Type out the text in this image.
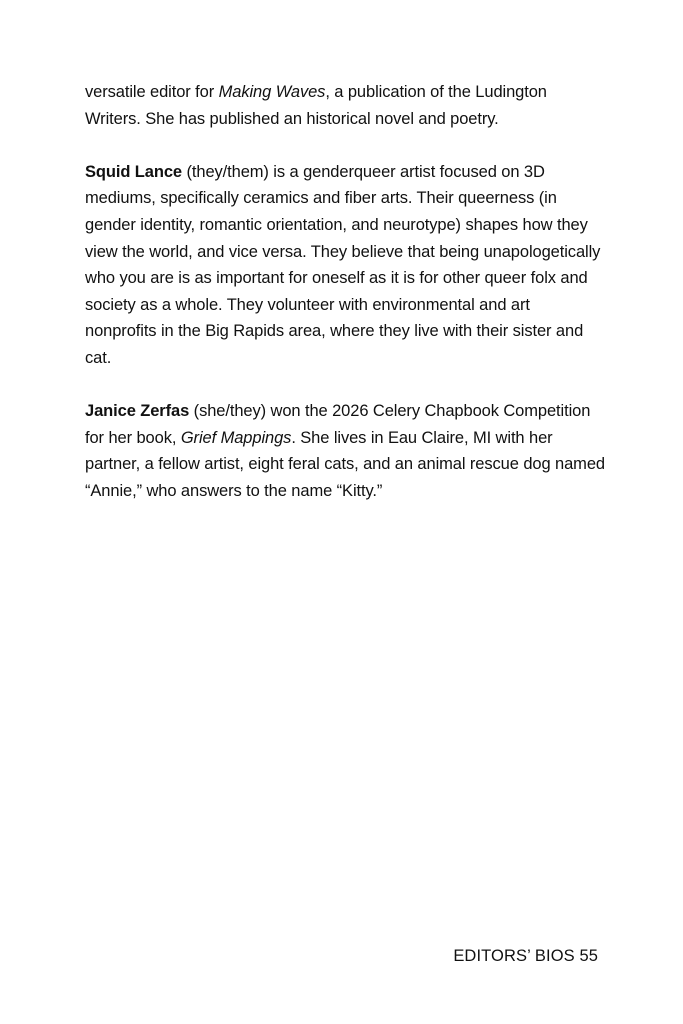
versatile editor for Making Waves, a publication of the Ludington Writers. She has published an historical novel and poetry.

Squid Lance (they/them) is a genderqueer artist focused on 3D mediums, specifically ceramics and fiber arts. Their queerness (in gender identity, romantic orientation, and neurotype) shapes how they view the world, and vice versa. They believe that being unapologetically who you are is as important for oneself as it is for other queer folx and society as a whole. They volunteer with environmental and art nonprofits in the Big Rapids area, where they live with their sister and cat.

Janice Zerfas (she/they) won the 2026 Celery Chapbook Competition for her book, Grief Mappings. She lives in Eau Claire, MI with her partner, a fellow artist, eight feral cats, and an animal rescue dog named “Annie,” who answers to the name “Kitty.”

EDITORS’ BIOS 55
